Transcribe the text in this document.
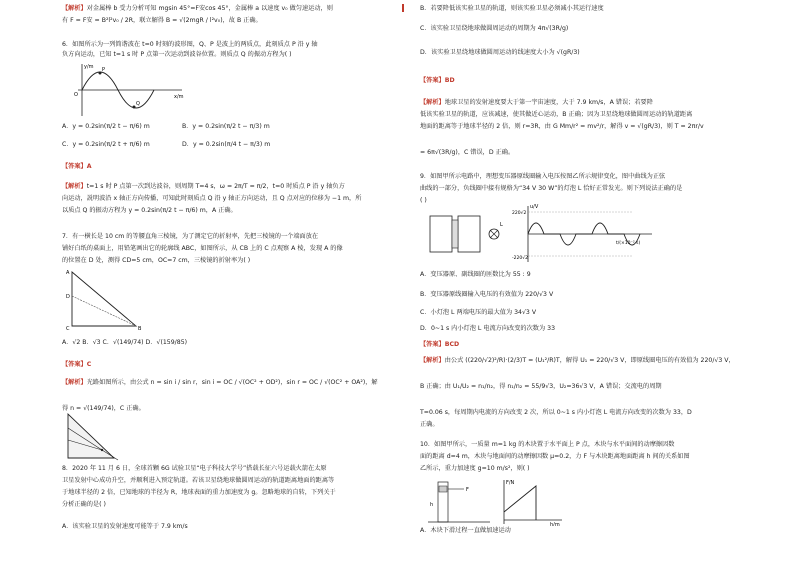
【解析】对金属棒 b 受力分析可知 mgsin 45°=F安cos 45°，金属棒 a 以速度 v₀ 做匀速运动，则
有 F = F安 = B²l²v₀ / 2R，联立解得 B = √(2mgR / l²v₀)，故 B 正确。
6．如图所示为一列简谐波在 t=0 时刻的波形图，Q、P 是波上的两质点，此刻质点 P 沿 y 轴
负方向运动，已知 t=1 s 时 P 点第一次运动到波谷位置。则质点 Q 的振动方程为( )
A．y = 0.2sin(π/2 t − π/6) m	B．y = 0.2sin(π/2 t − π/3) m
C．y = 0.2sin(π/2 t + π/6) m	D．y = 0.2sin(π/4 t − π/3) m
【答案】A
【解析】t=1 s 时 P 点第一次到达波谷，则周期 T=4 s，ω = 2π/T = π/2，t=0 时质点 P 沿 y 轴负方
向运动，説明波沿 x 轴正方向传播，可知此时刻质点 Q 沿 y 轴正方向运动，且 Q 点对应的位移为 −1 m，所
以质点 Q 的振动方程为 y = 0.2sin(π/2 t − π/6) m，A 正确。
7．有一横长是 10 cm 的等腰直角三棱镜，为了测定它的折射率，先把三棱镜的一个端面放在
铺好白纸的桌面上，用铅笔画出它的轮廓线 ABC，如图所示，从 CB 上的 C 点观察 A 棱，发现 A 的像
的位置在 D 处，测得 CD=5 cm，OC=7 cm，三棱镜的折射率为( )
A．√2 B．√3 C．√(149/74) D．√(159/85)
【答案】C
【解析】光路如图所示，由公式 n = sin i / sin r，sin i = OC / √(OC² + OD²)，sin r = OC / √(OC² + OA²)，解
得 n = √(149/74)，C 正确。
8．2020 年 11 月 6 日，全球首颗 6G 试验卫星“电子科技大学号”搭载长征六号运载火箭在太原
卫星发射中心成功升空，并顺利进入预定轨道。若该卫星绕地球做圆周运动的轨道距离地面的距离等
于地球半径的 2 倍，已知地球的半径为 R，地球表面的重力加速度为 g。忽略地球的自转，下列关于
分析正确的是( )
A．该实验卫星的发射速度可能等于 7.9 km/s
B．若要降低该实验卫星的轨道，则该实验卫星必须减小其运行速度
C．该实验卫星绕地球做圆周运动的周期为 4π√(3R/g)
D．该实验卫星绕地球做圆周运动的线速度大小为 √(gR/3)
【答案】BD
【解析】地球卫星的发射速度要大于第一宇宙速度，大于 7.9 km/s，A 错误；若要降
低该实验卫星的轨道，应该减速，使其做近心运动，B 正确；因为卫星绕地球做圆周运动的轨道距离
地面的距离等于地球半径的 2 倍，则 r=3R，由 G Mm/r² = mv²/r，解得 v = √(gR/3)，则 T = 2πr/v
= 6π√(3R/g)，C 错误，D 正确。
9．如图甲所示电路中，理想变压器原线圈输入电压按图乙所示规律变化，图中曲线为正弦
曲线的一部分，负线圈中接有规格为“34 V 30 W”的灯泡 L 恰好正常发光。则下列说法正确的是
( )
A．变压器原、副线圈的匝数比为 55 : 9
B．变压器原线圈输入电压的有效值为 220/√3 V
C．小灯泡 L 两端电压的最大值为 34√3 V
D．0~1 s 内小灯泡 L 电流方向改变的次数为 33
【答案】BCD
【解析】由公式 ((220/√2)²/R)·(2/3)T = (U₁²/R)T，解得 U₁ = 220/√3 V，即原线圈电压的有效值为 220/√3 V，
B 正确；由 U₁/U₂ = n₁/n₂，得 n₁/n₂ = 55/9√3，U₂=36√3 V，A 错误；交流电的周期
T=0.06 s，每周期内电流的方向改变 2 次，所以 0~1 s 内小灯泡 L 电流方向改变的次数为 33，D
正确。
10．如图甲所示，一质量 m=1 kg 的木块置于水平面上 P 点，木块与水平面间的动摩擦因数
面的距离 d=4 m，木块与地面间的动摩擦因数 μ=0.2，力 F 与木块距离地面距离 h 间的关系如图
乙所示，重力加速度 g=10 m/s²，则( )
A．木块下滑过程一直做加速运动
y/m
x/m
P
Q
O
A
B
C
D
L
u/V
220√2
-220√2
t/(×10⁻² s)
F
h
F/N
h/m
